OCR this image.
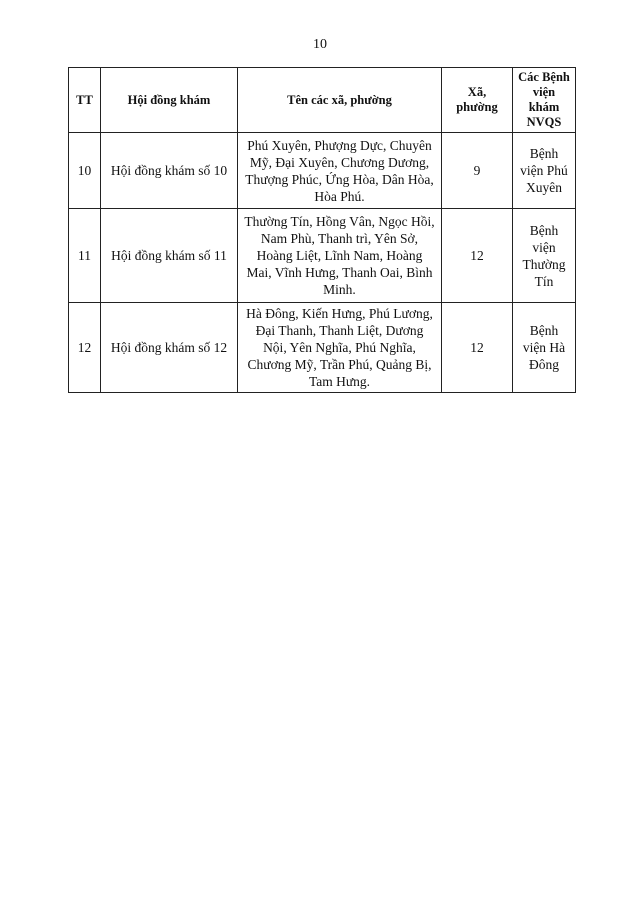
10
TT	Hội đồng khám	Tên các xã, phường	Xã, phường	Các Bệnh viện khám NVQS
10	Hội đồng khám số 10	Phú Xuyên, Phượng Dực, Chuyên Mỹ, Đại Xuyên, Chương Dương, Thượng Phúc, Ứng Hòa, Dân Hòa, Hòa Phú.	9	Bệnh viện Phú Xuyên
11	Hội đồng khám số 11	Thường Tín, Hồng Vân, Ngọc Hồi, Nam Phù, Thanh trì, Yên Sở, Hoàng Liệt, Lĩnh Nam, Hoàng Mai, Vĩnh Hưng, Thanh Oai, Bình Minh.	12	Bệnh viện Thường Tín
12	Hội đồng khám số 12	Hà Đông, Kiến Hưng, Phú Lương, Đại Thanh, Thanh Liệt, Dương Nội, Yên Nghĩa, Phú Nghĩa, Chương Mỹ, Trần Phú, Quảng Bị, Tam Hưng.	12	Bệnh viện Hà Đông
